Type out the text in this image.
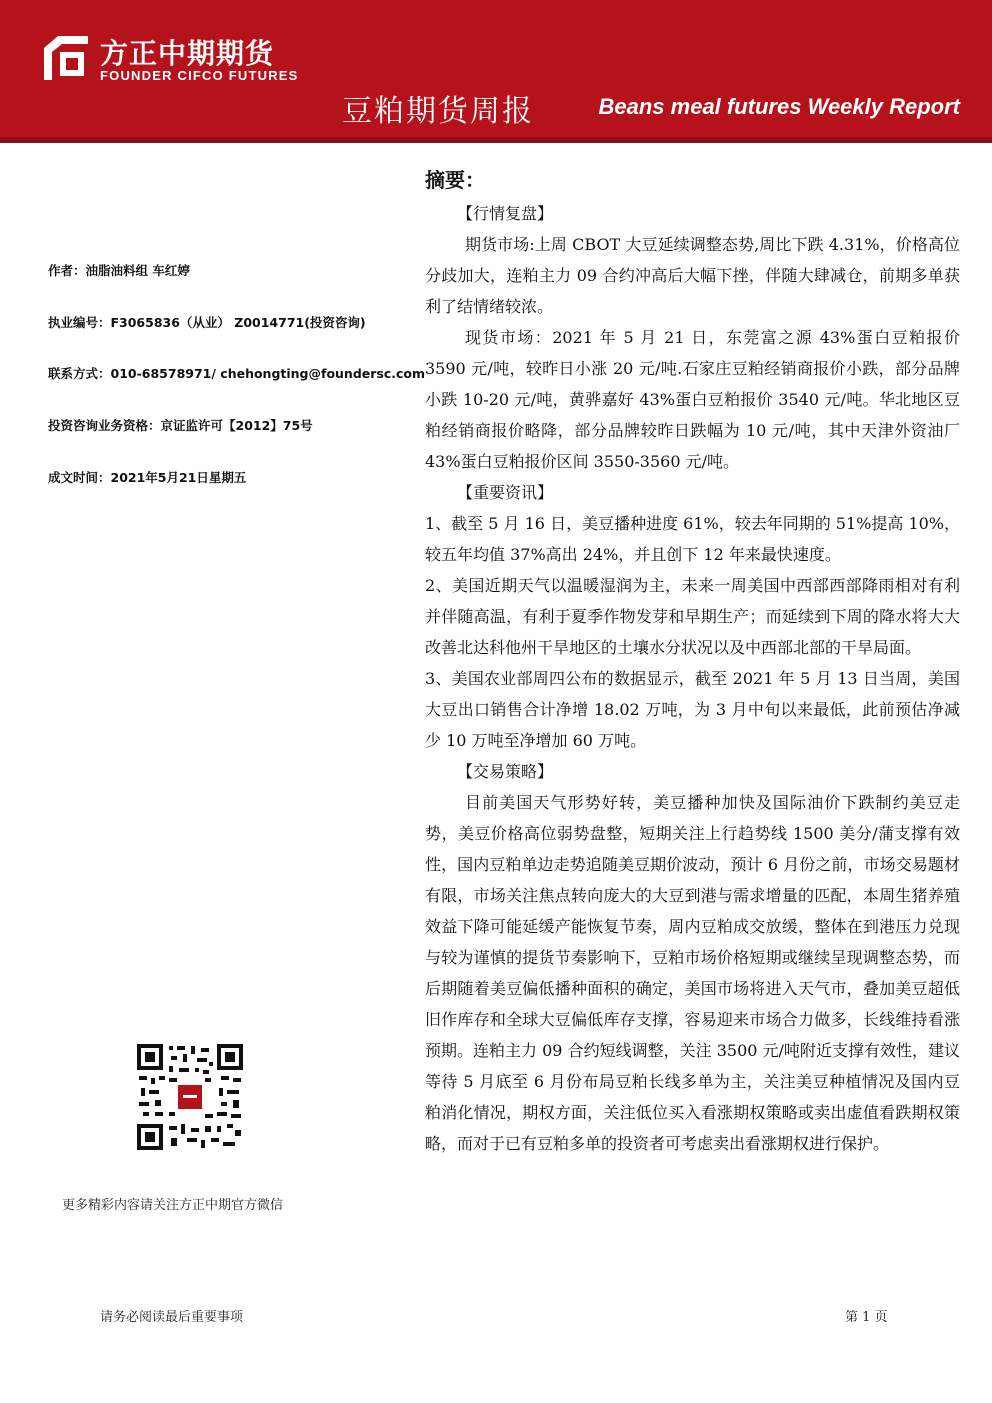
方正中期期货
FOUNDER CIFCO FUTURES
豆粕期货周报	Beans meal futures Weekly Report
作者：油脂油料组 车红婷
执业编号：F3065836（从业） Z0014771(投资咨询)
联系方式：010-68578971/ chehongting@foundersc.com
投资咨询业务资格：京证监许可【2012】75号
成文时间：2021年5月21日星期五
更多精彩内容请关注方正中期官方微信
摘要：
【行情复盘】

期货市场:上周 CBOT 大豆延续调整态势,周比下跌 4.31%，价格高位分歧加大，连粕主力 09 合约冲高后大幅下挫，伴随大肆减仓，前期多单获利了结情绪较浓。

现货市场：2021 年 5 月 21 日，东莞富之源 43%蛋白豆粕报价 3590 元/吨，较昨日小涨 20 元/吨.石家庄豆粕经销商报价小跌，部分品牌小跌 10-20 元/吨，黄骅嘉好 43%蛋白豆粕报价 3540 元/吨。华北地区豆粕经销商报价略降，部分品牌较昨日跌幅为 10 元/吨，其中天津外资油厂 43%蛋白豆粕报价区间 3550-3560 元/吨。

【重要资讯】

1、截至 5 月 16 日，美豆播种进度 61%，较去年同期的 51%提高 10%，较五年均值 37%高出 24%，并且创下 12 年来最快速度。

2、美国近期天气以温暖湿润为主，未来一周美国中西部西部降雨相对有利并伴随高温，有利于夏季作物发芽和早期生产；而延续到下周的降水将大大改善北达科他州干旱地区的土壤水分状况以及中西部北部的干旱局面。

3、美国农业部周四公布的数据显示，截至 2021 年 5 月 13 日当周，美国大豆出口销售合计净增 18.02 万吨，为 3 月中旬以来最低，此前预估净减少 10 万吨至净增加 60 万吨。

【交易策略】

目前美国天气形势好转，美豆播种加快及国际油价下跌制约美豆走势，美豆价格高位弱势盘整，短期关注上行趋势线 1500 美分/蒲支撑有效性，国内豆粕单边走势追随美豆期价波动，预计 6 月份之前，市场交易题材有限，市场关注焦点转向庞大的大豆到港与需求增量的匹配，本周生猪养殖效益下降可能延缓产能恢复节奏，周内豆粕成交放缓，整体在到港压力兑现与较为谨慎的提货节奏影响下，豆粕市场价格短期或继续呈现调整态势，而后期随着美豆偏低播种面积的确定，美国市场将进入天气市，叠加美豆超低旧作库存和全球大豆偏低库存支撑，容易迎来市场合力做多，长线维持看涨预期。连粕主力 09 合约短线调整，关注 3500 元/吨附近支撑有效性，建议等待 5 月底至 6 月份布局豆粕长线多单为主，关注美豆种植情况及国内豆粕消化情况，期权方面，关注低位买入看涨期权策略或卖出虚值看跌期权策略，而对于已有豆粕多单的投资者可考虑卖出看涨期权进行保护。

请务必阅读最后重要事项	第 1 页
